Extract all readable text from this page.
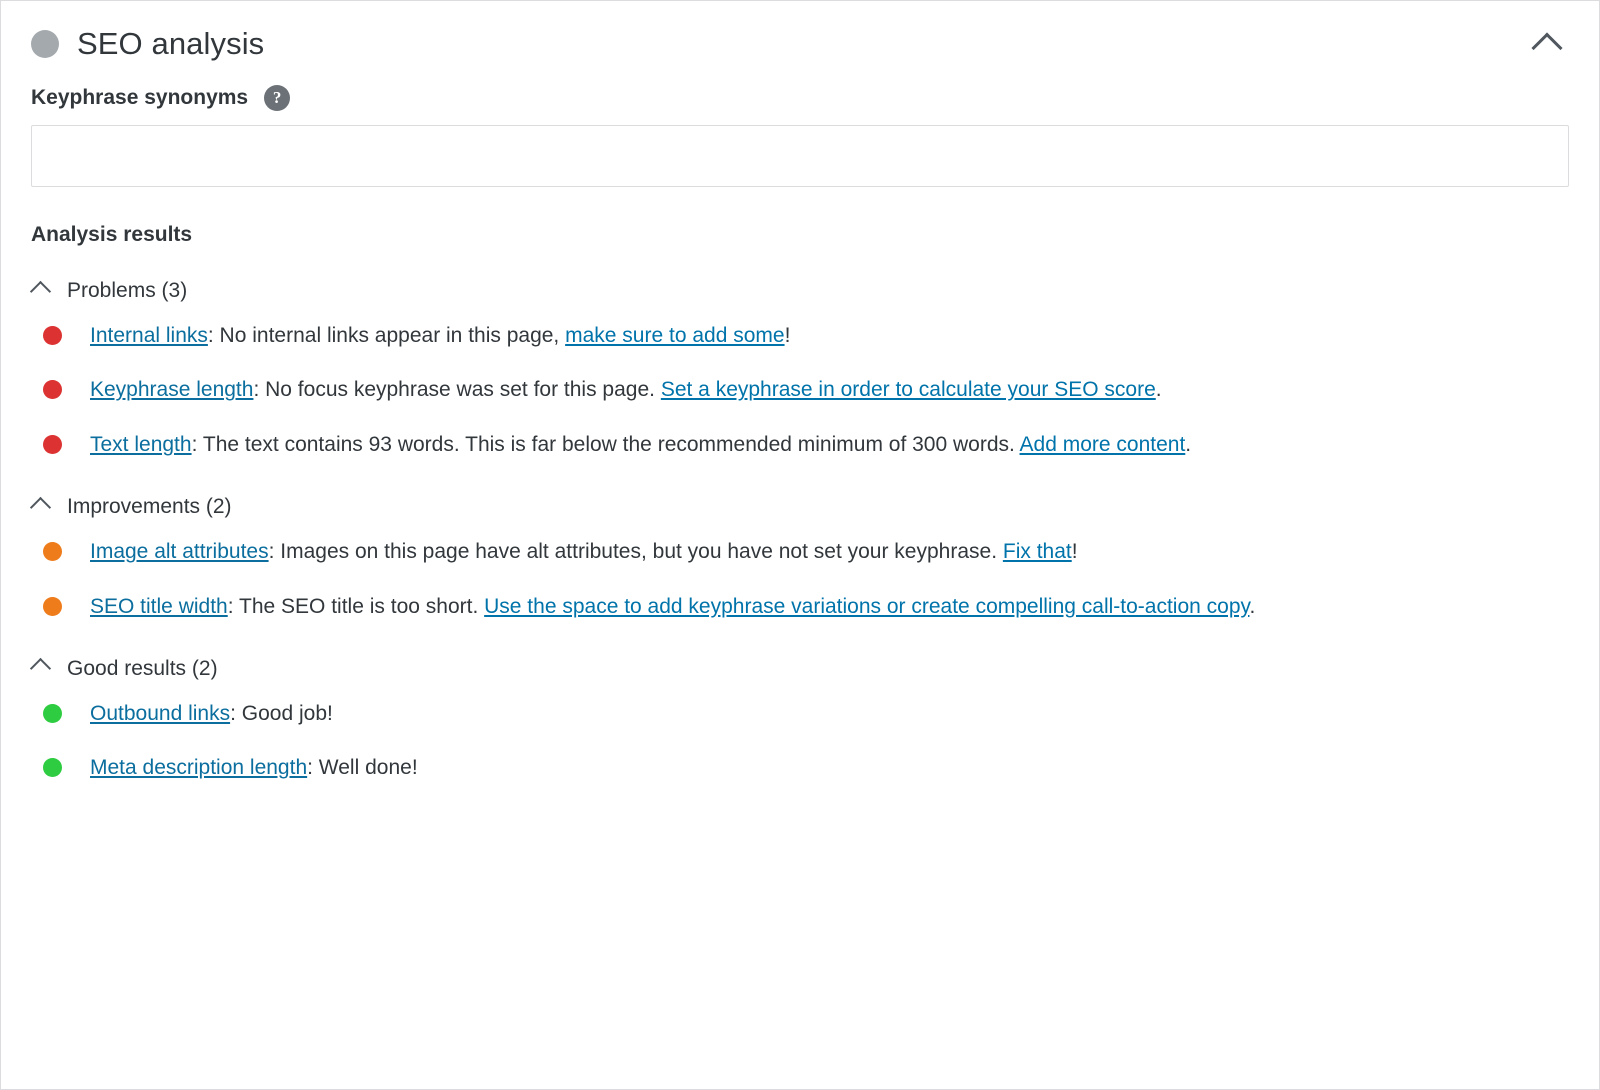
SEO analysis
Keyphrase synonyms	?
Analysis results
Problems (3)
Internal links: No internal links appear in this page, make sure to add some!
Keyphrase length: No focus keyphrase was set for this page. Set a keyphrase in order to calculate your SEO score.
Text length: The text contains 93 words. This is far below the recommended minimum of 300 words. Add more content.
Improvements (2)
Image alt attributes: Images on this page have alt attributes, but you have not set your keyphrase. Fix that!
SEO title width: The SEO title is too short. Use the space to add keyphrase variations or create compelling call-to-action copy.
Good results (2)
Outbound links: Good job!
Meta description length: Well done!
